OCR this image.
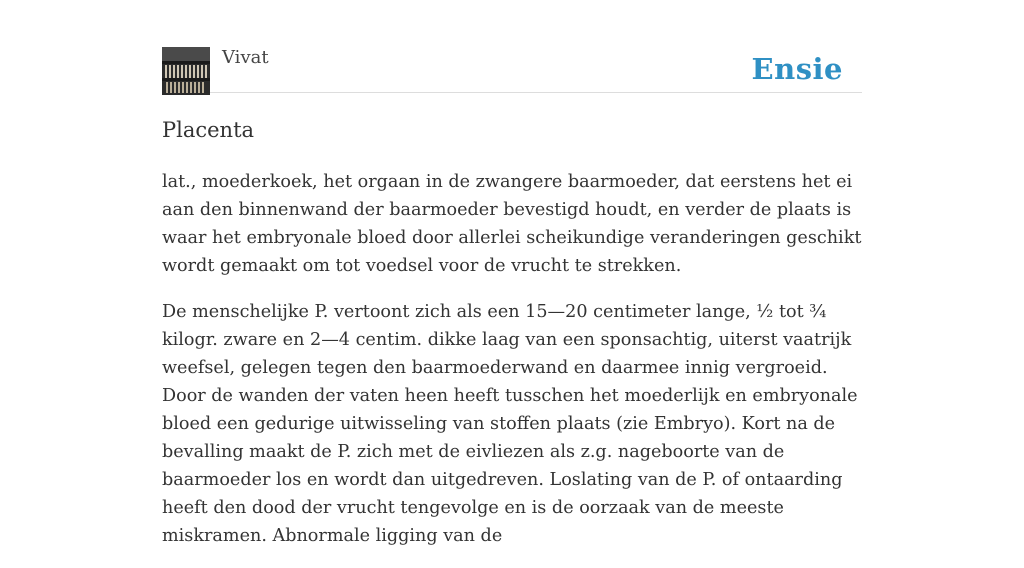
Vivat	Ensie
Placenta

lat., moederkoek, het orgaan in de zwangere baarmoeder, dat eerstens het ei aan den binnenwand der baarmoeder bevestigd houdt, en verder de plaats is waar het embryonale bloed door allerlei scheikundige veranderingen geschikt wordt gemaakt om tot voedsel voor de vrucht te strekken.

De menschelijke P. vertoont zich als een 15—20 centimeter lange, ½ tot ¾ kilogr. zware en 2—4 centim. dikke laag van een sponsachtig, uiterst vaatrijk weefsel, gelegen tegen den baarmoederwand en daarmee innig vergroeid. Door de wanden der vaten heen heeft tusschen het moederlijk en embryonale bloed een gedurige uitwisseling van stoffen plaats (zie Embryo). Kort na de bevalling maakt de P. zich met de eivliezen als z.g. nageboorte van de baarmoeder los en wordt dan uitgedreven. Loslating van de P. of ontaarding heeft den dood der vrucht tengevolge en is de oorzaak van de meeste miskramen. Abnormale ligging van de
